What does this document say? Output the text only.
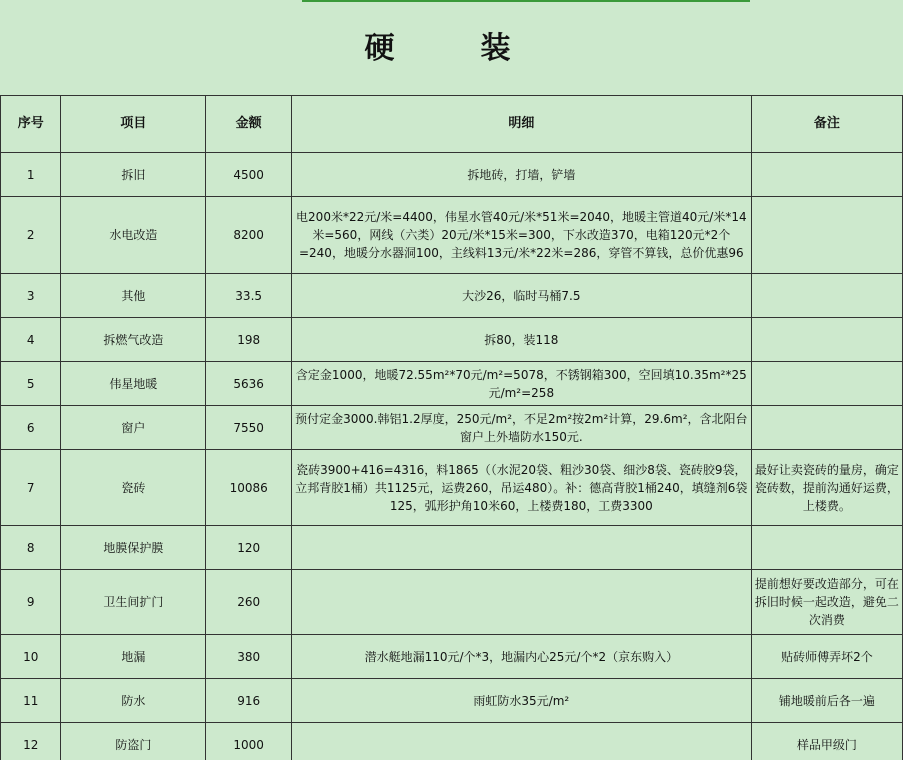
硬　装
序号	项目	金额	明细	备注
1	拆旧	4500	拆地砖，打墙，铲墙	
2	水电改造	8200	电200米*22元/米=4400，伟星水管40元/米*51米=2040，地暖主管道40元/米*14米=560，网线（六类）20元/米*15米=300，下水改造370，电箱120元*2个=240，地暖分水器洞100，主线料13元/米*22米=286，穿管不算钱，总价优惠96	
3	其他	33.5	大沙26，临时马桶7.5	
4	拆燃气改造	198	拆80，装118	
5	伟星地暖	5636	含定金1000，地暖72.55m²*70元/m²=5078，不锈钢箱300，空回填10.35m²*25元/m²=258	
6	窗户	7550	预付定金3000.韩铝1.2厚度，250元/m²，不足2m²按2m²计算，29.6m²，含北阳台窗户上外墙防水150元.	
7	瓷砖	10086	瓷砖3900+416=4316，料1865（（水泥20袋、粗沙30袋、细沙8袋、瓷砖胶9袋，立邦背胶1桶）共1125元，运费260，吊运480）。补：德高背胶1桶240，填缝剂6袋125，弧形护角10米60，上楼费180，工费3300	最好让卖瓷砖的量房，确定瓷砖数，提前沟通好运费，上楼费。
8	地膜保护膜	120		
9	卫生间扩门	260		提前想好要改造部分，可在拆旧时候一起改造，避免二次消费
10	地漏	380	潜水艇地漏110元/个*3，地漏内心25元/个*2（京东购入）	贴砖师傅弄坏2个
11	防水	916	雨虹防水35元/m²	铺地暖前后各一遍
12	防盗门	1000		样品甲级门
